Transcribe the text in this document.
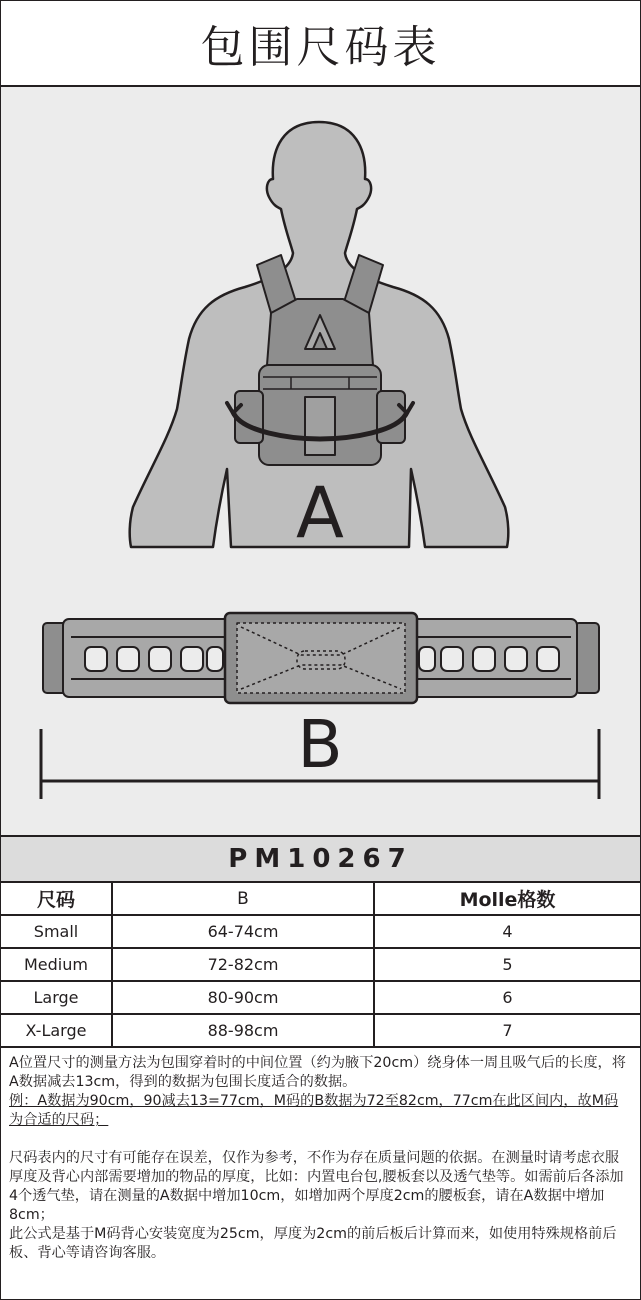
包围尺码表
A
B
PM10267
尺码	B	Molle格数
Small	64-74cm	4
Medium	72-82cm	5
Large	80-90cm	6
X-Large	88-98cm	7

A位置尺寸的测量方法为包围穿着时的中间位置（约为腋下20cm）绕身体一周且吸气后的长度，将A数据减去13cm，得到的数据为包围长度适合的数据。

例：A数据为90cm，90减去13=77cm，M码的B数据为72至82cm，77cm在此区间内，故M码为合适的尺码；

尺码表内的尺寸有可能存在误差，仅作为参考，不作为存在质量问题的依据。在测量时请考虑衣服厚度及背心内部需要增加的物品的厚度，比如：内置电台包,腰板套以及透气垫等。如需前后各添加4个透气垫，请在测量的A数据中增加10cm，如增加两个厚度2cm的腰板套，请在A数据中增加8cm；

此公式是基于M码背心安装宽度为25cm，厚度为2cm的前后板后计算而来，如使用特殊规格前后板、背心等请咨询客服。
